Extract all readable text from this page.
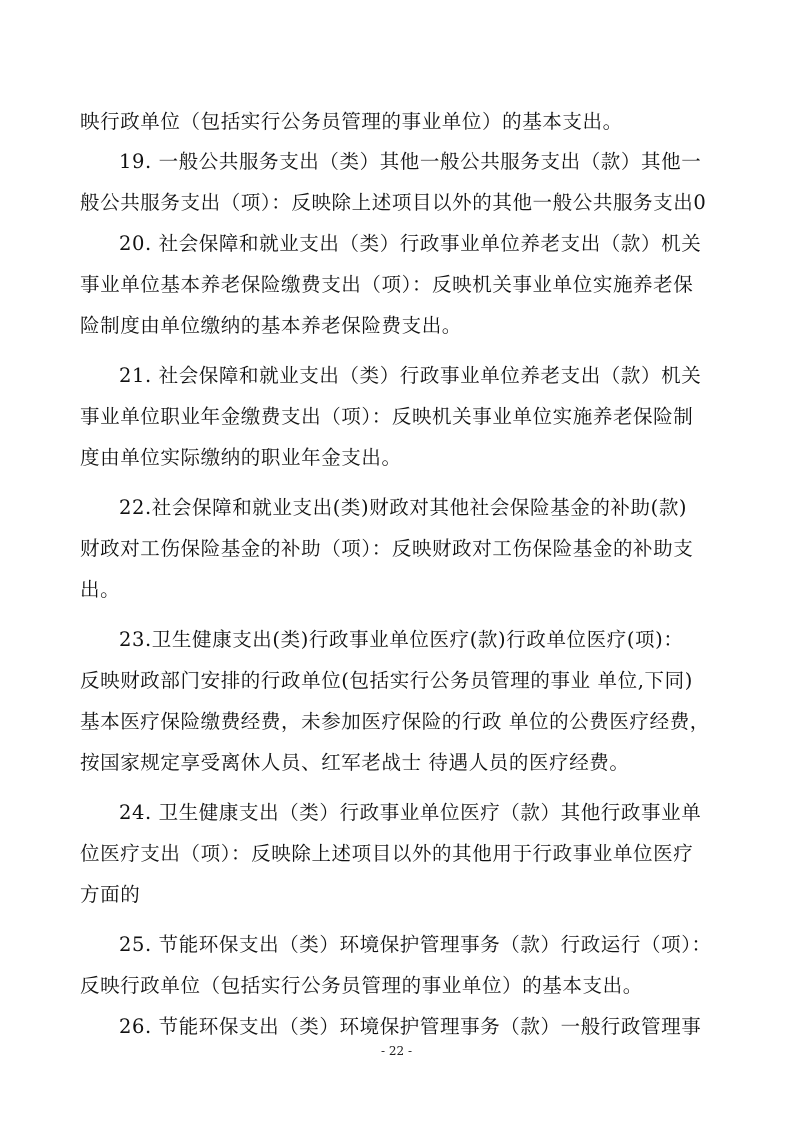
映行政单位（包括实行公务员管理的事业单位）的基本支出。
19. 一般公共服务支出（类）其他一般公共服务支出（款）其他一
般公共服务支出（项）：反映除上述项目以外的其他一般公共服务支出0
20. 社会保障和就业支出（类）行政事业单位养老支出（款）机关
事业单位基本养老保险缴费支出（项）：反映机关事业单位实施养老保
险制度由单位缴纳的基本养老保险费支出。
21. 社会保障和就业支出（类）行政事业单位养老支出（款）机关
事业单位职业年金缴费支出（项）：反映机关事业单位实施养老保险制
度由单位实际缴纳的职业年金支出。
22.社会保障和就业支出(类)财政对其他社会保险基金的补助(款)
财政对工伤保险基金的补助（项）：反映财政对工伤保险基金的补助支
出。
23.卫生健康支出(类)行政事业单位医疗(款)行政单位医疗(项)：
反映财政部门安排的行政单位(包括实行公务员管理的事业 单位,下同)
基本医疗保险缴费经费，未参加医疗保险的行政 单位的公费医疗经费，
按国家规定享受离休人员、红军老战士 待遇人员的医疗经费。
24. 卫生健康支出（类）行政事业单位医疗（款）其他行政事业单
位医疗支出（项）：反映除上述项目以外的其他用于行政事业单位医疗
方面的
25. 节能环保支出（类）环境保护管理事务（款）行政运行（项）：
反映行政单位（包括实行公务员管理的事业单位）的基本支出。
26. 节能环保支出（类）环境保护管理事务（款）一般行政管理事
- 22 -
